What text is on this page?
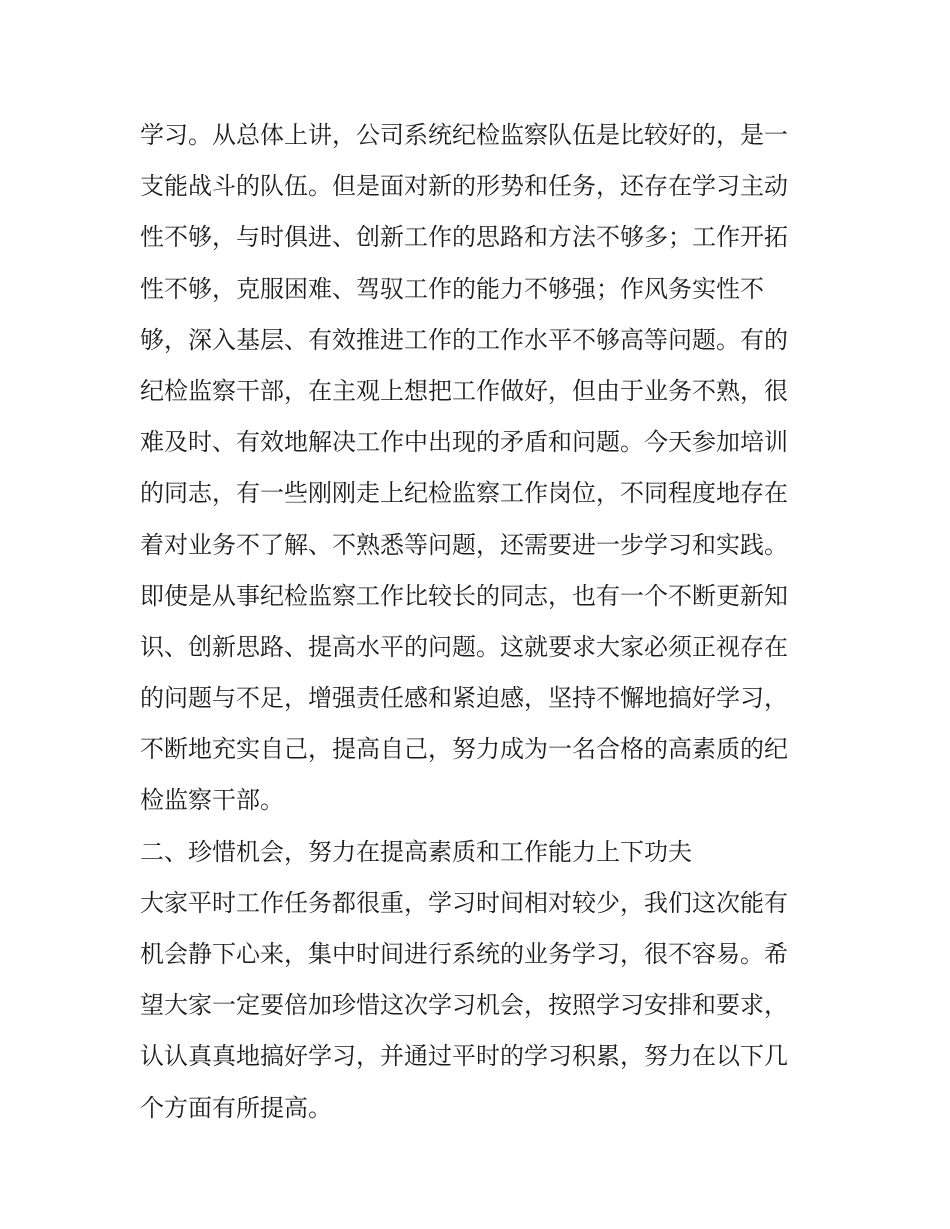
学习。从总体上讲，公司系统纪检监察队伍是比较好的，是一
支能战斗的队伍。但是面对新的形势和任务，还存在学习主动
性不够，与时俱进、创新工作的思路和方法不够多；工作开拓
性不够，克服困难、驾驭工作的能力不够强；作风务实性不
够，深入基层、有效推进工作的工作水平不够高等问题。有的
纪检监察干部，在主观上想把工作做好，但由于业务不熟，很
难及时、有效地解决工作中出现的矛盾和问题。今天参加培训
的同志，有一些刚刚走上纪检监察工作岗位，不同程度地存在
着对业务不了解、不熟悉等问题，还需要进一步学习和实践。
即使是从事纪检监察工作比较长的同志，也有一个不断更新知
识、创新思路、提高水平的问题。这就要求大家必须正视存在
的问题与不足，增强责任感和紧迫感，坚持不懈地搞好学习，
不断地充实自己，提高自己，努力成为一名合格的高素质的纪
检监察干部。
二、珍惜机会，努力在提高素质和工作能力上下功夫
大家平时工作任务都很重，学习时间相对较少，我们这次能有
机会静下心来，集中时间进行系统的业务学习，很不容易。希
望大家一定要倍加珍惜这次学习机会，按照学习安排和要求，
认认真真地搞好学习，并通过平时的学习积累，努力在以下几
个方面有所提高。
